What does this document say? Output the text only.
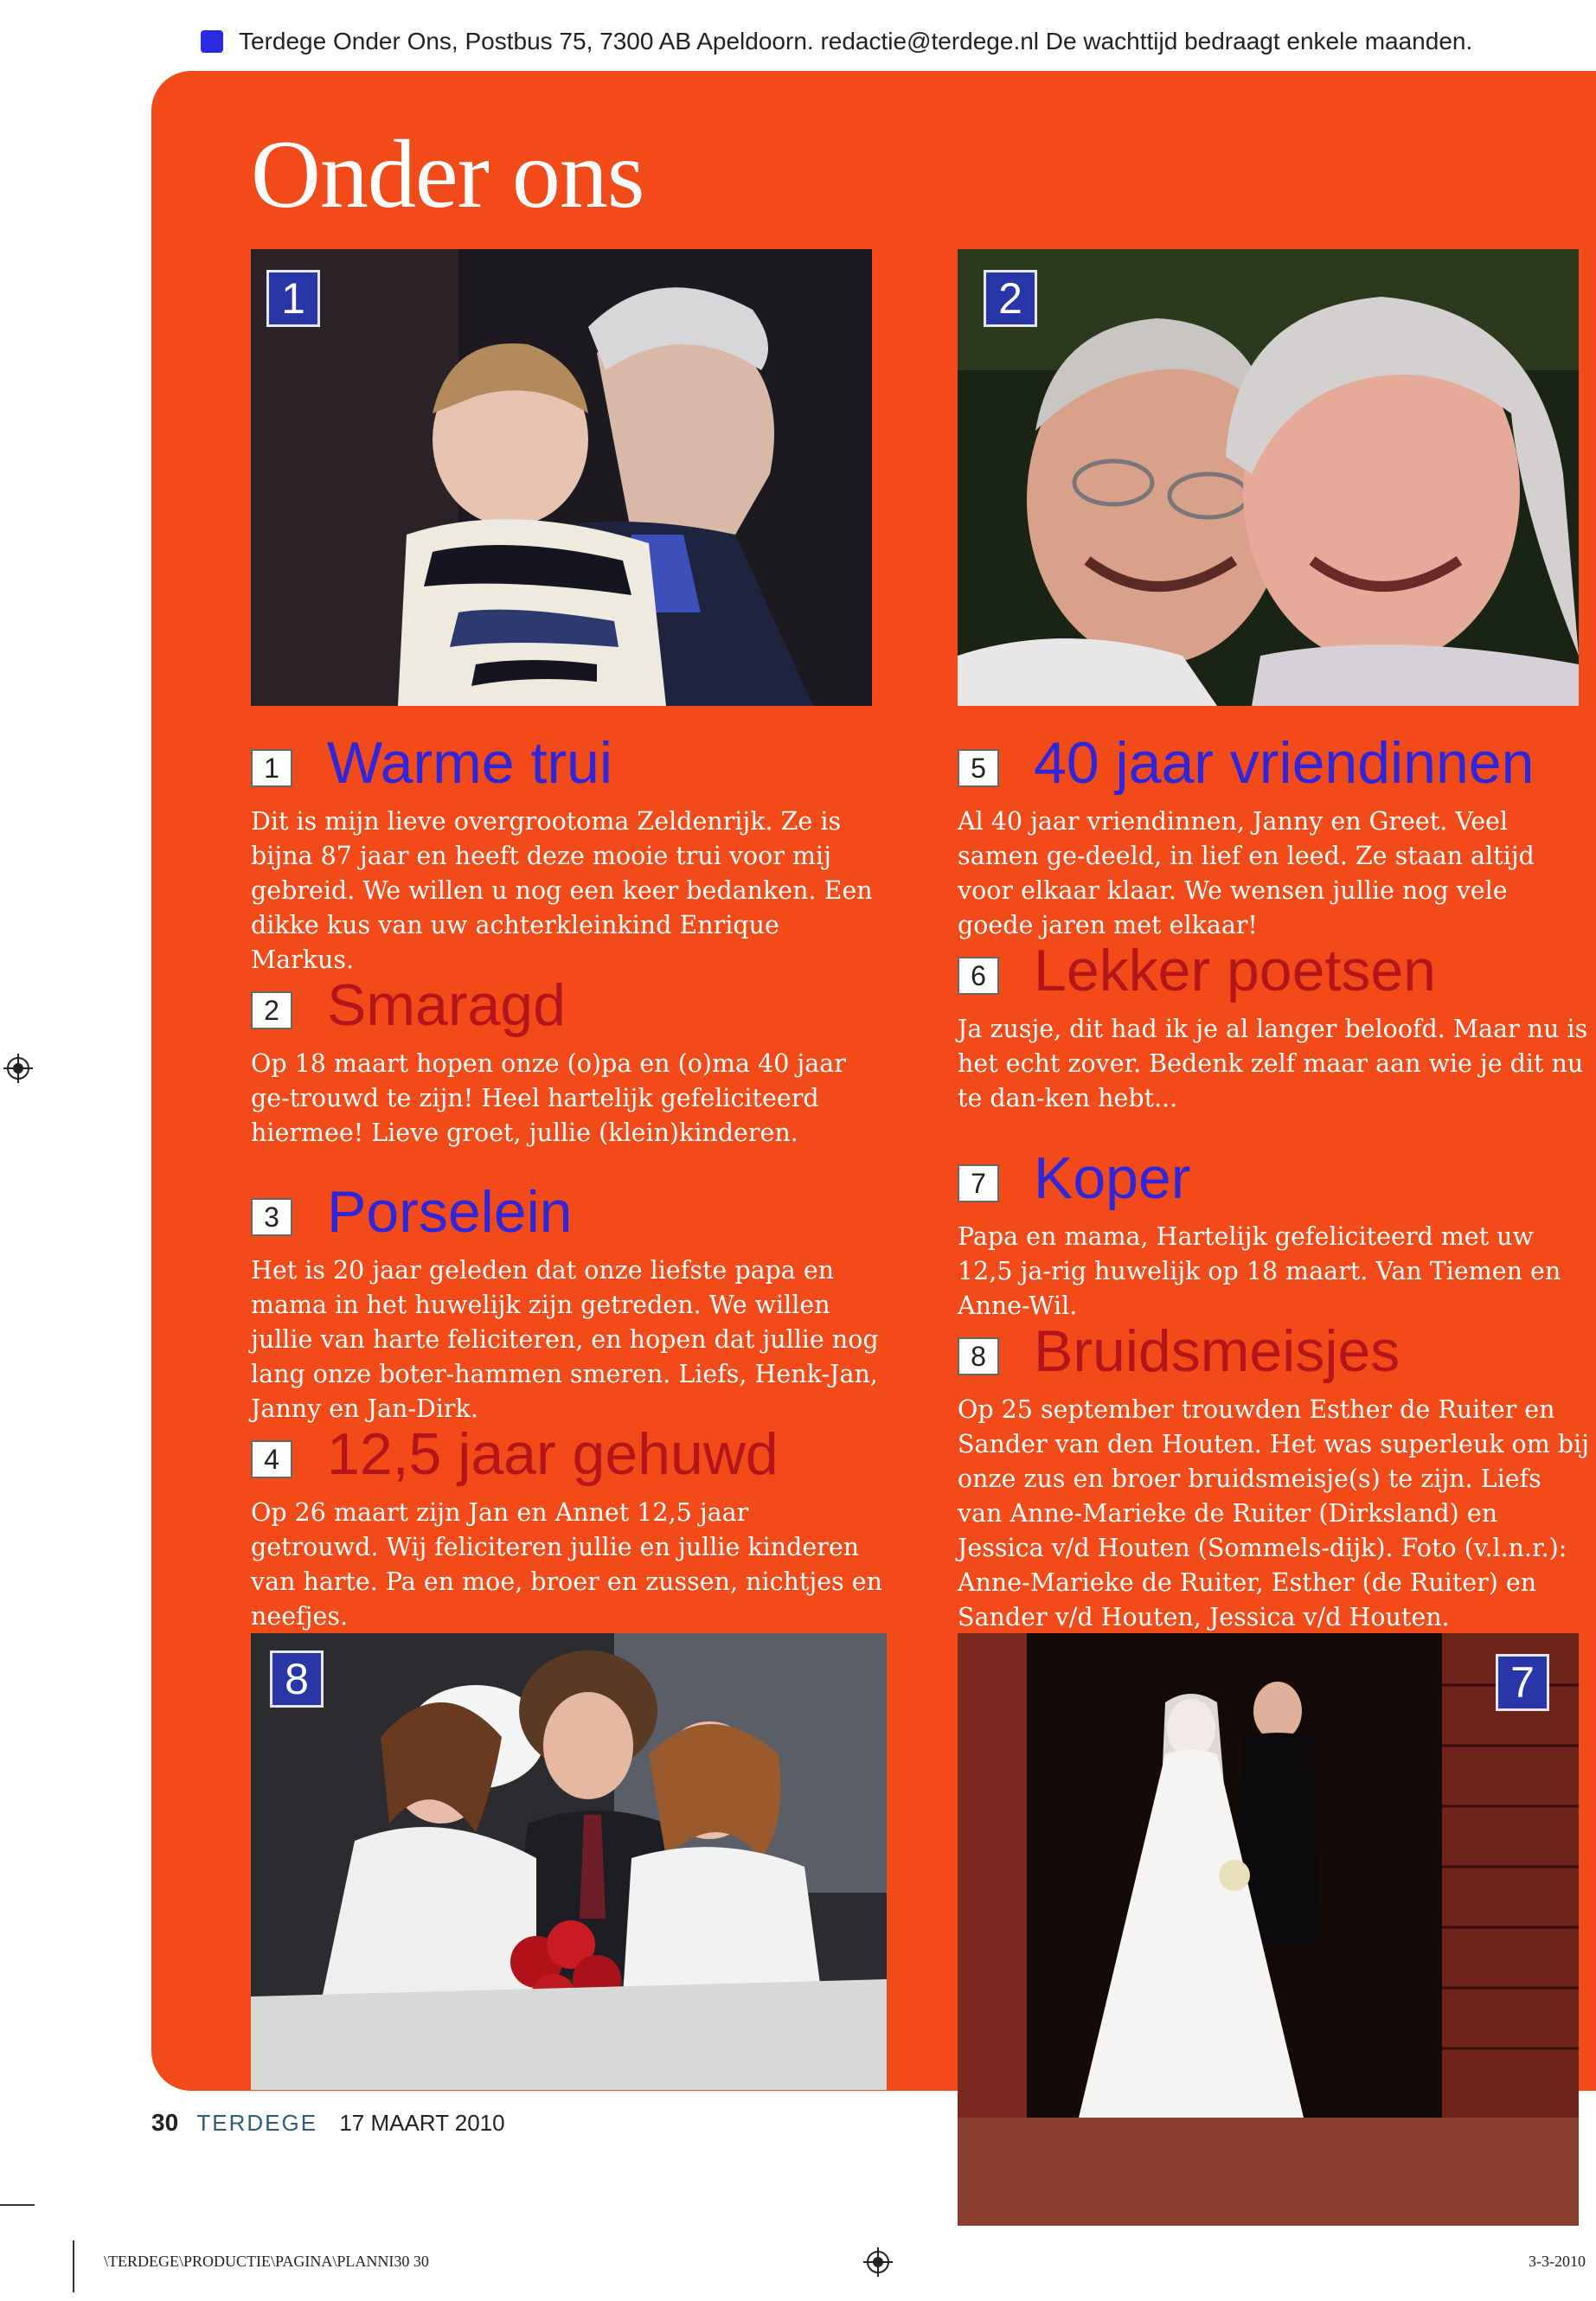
Terdege Onder Ons, Postbus 75, 7300 AB Apeldoorn. redactie@terdege.nl De wachttijd bedraagt enkele maanden.
Onder ons
1	2
1 Warme trui
Dit is mijn lieve overgrootoma Zeldenrijk. Ze is bijna 87 jaar en heeft deze mooie trui voor mij gebreid. We willen u nog een keer bedanken. Een dikke kus van uw achterkleinkind Enrique Markus.
2 Smaragd
Op 18 maart hopen onze (o)pa en (o)ma 40 jaar ge-trouwd te zijn! Heel hartelijk gefeliciteerd hiermee! Lieve groet, jullie (klein)kinderen.
3 Porselein
Het is 20 jaar geleden dat onze liefste papa en mama in het huwelijk zijn getreden. We willen jullie van harte feliciteren, en hopen dat jullie nog lang onze boter-hammen smeren. Liefs, Henk-Jan, Janny en Jan-Dirk.
4 12,5 jaar gehuwd
Op 26 maart zijn Jan en Annet 12,5 jaar getrouwd. Wij feliciteren jullie en jullie kinderen van harte. Pa en moe, broer en zussen, nichtjes en neefjes.
5 40 jaar vriendinnen
Al 40 jaar vriendinnen, Janny en Greet. Veel samen ge-deeld, in lief en leed. Ze staan altijd voor elkaar klaar. We wensen jullie nog vele goede jaren met elkaar!
6 Lekker poetsen
Ja zusje, dit had ik je al langer beloofd. Maar nu is het echt zover. Bedenk zelf maar aan wie je dit nu te dan-ken hebt...
7 Koper
Papa en mama, Hartelijk gefeliciteerd met uw 12,5 ja-rig huwelijk op 18 maart. Van Tiemen en Anne-Wil.
8 Bruidsmeisjes
Op 25 september trouwden Esther de Ruiter en Sander van den Houten. Het was superleuk om bij onze zus en broer bruidsmeisje(s) te zijn. Liefs van Anne-Marieke de Ruiter (Dirksland) en Jessica v/d Houten (Sommels-dijk). Foto (v.l.n.r.): Anne-Marieke de Ruiter, Esther (de Ruiter) en Sander v/d Houten, Jessica v/d Houten.
8	7
30 TERDEGE 17 MAART 2010
\TERDEGE\PRODUCTIE\PAGINA\PLANNI30 30	3-3-2010
